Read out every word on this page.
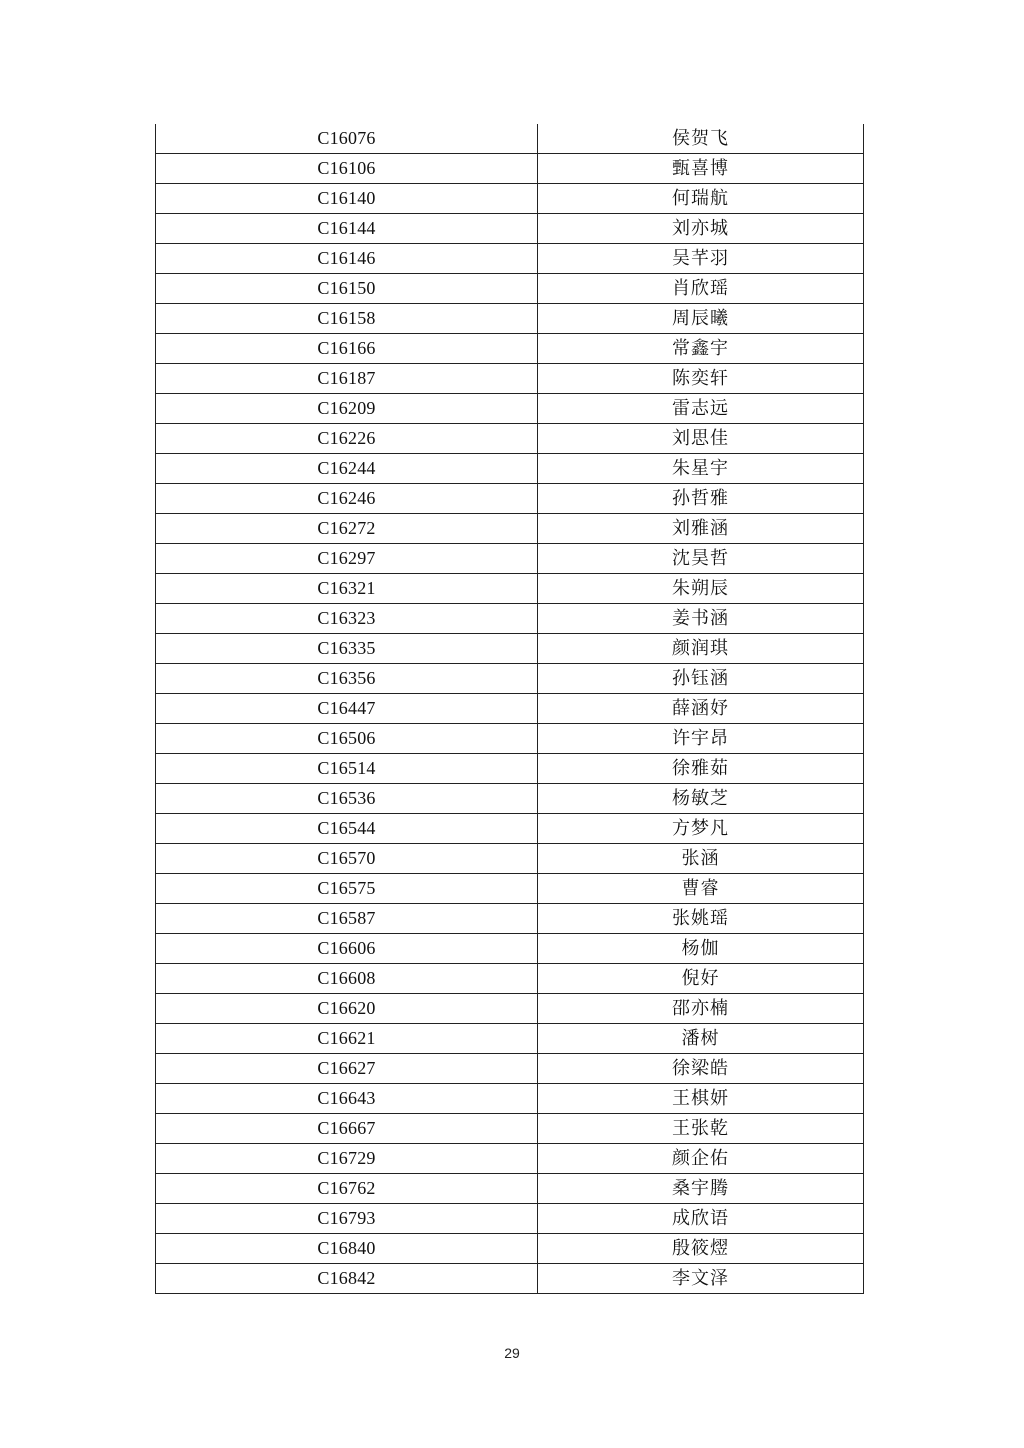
C16076	侯贺飞
C16106	甄喜博
C16140	何瑞航
C16144	刘亦城
C16146	吴芊羽
C16150	肖欣瑶
C16158	周辰曦
C16166	常鑫宇
C16187	陈奕轩
C16209	雷志远
C16226	刘思佳
C16244	朱星宇
C16246	孙哲雅
C16272	刘雅涵
C16297	沈昊哲
C16321	朱朔辰
C16323	姜书涵
C16335	颜润琪
C16356	孙钰涵
C16447	薛涵妤
C16506	许宇昂
C16514	徐雅茹
C16536	杨敏芝
C16544	方梦凡
C16570	张涵
C16575	曹睿
C16587	张姚瑶
C16606	杨伽
C16608	倪好
C16620	邵亦楠
C16621	潘树
C16627	徐梁皓
C16643	王棋妍
C16667	王张乾
C16729	颜企佑
C16762	桑宇腾
C16793	成欣语
C16840	殷筱熤
C16842	李文泽
29
